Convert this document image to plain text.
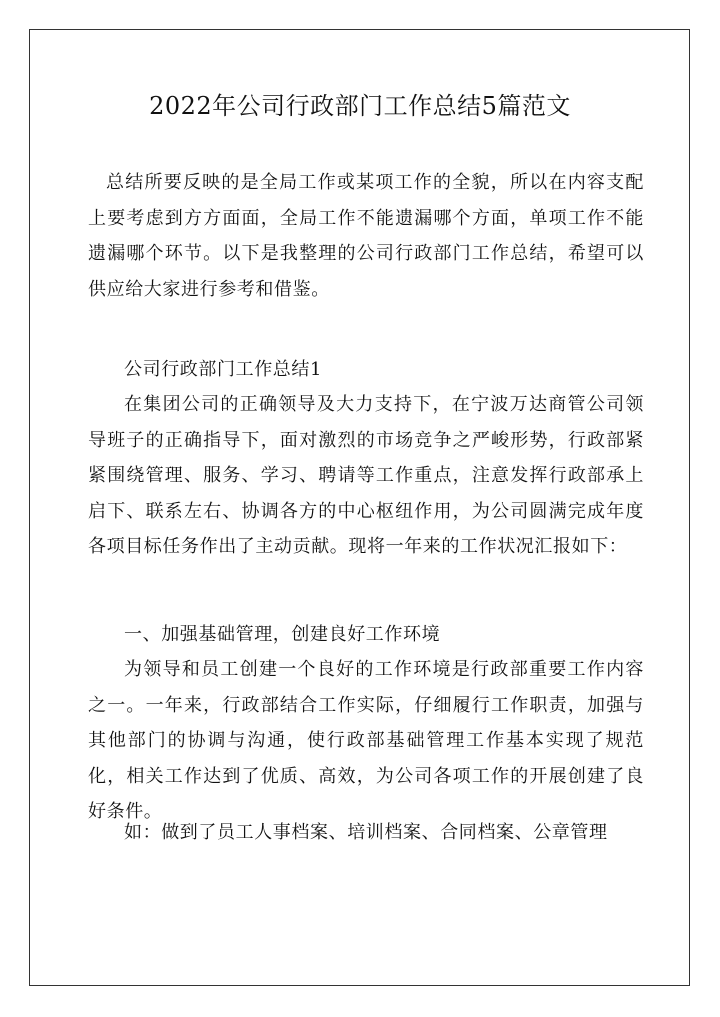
2022年公司行政部门工作总结5篇范文

总结所要反映的是全局工作或某项工作的全貌，所以在内容支配上要考虑到方方面面，全局工作不能遗漏哪个方面，单项工作不能遗漏哪个环节。以下是我整理的公司行政部门工作总结，希望可以供应给大家进行参考和借鉴。

公司行政部门工作总结1

在集团公司的正确领导及大力支持下，在宁波万达商管公司领导班子的正确指导下，面对激烈的市场竞争之严峻形势，行政部紧紧围绕管理、服务、学习、聘请等工作重点，注意发挥行政部承上启下、联系左右、协调各方的中心枢纽作用，为公司圆满完成年度各项目标任务作出了主动贡献。现将一年来的工作状况汇报如下：

一、加强基础管理，创建良好工作环境

为领导和员工创建一个良好的工作环境是行政部重要工作内容之一。一年来，行政部结合工作实际，仔细履行工作职责，加强与其他部门的协调与沟通，使行政部基础管理工作基本实现了规范化，相关工作达到了优质、高效，为公司各项工作的开展创建了良好条件。

如：做到了员工人事档案、培训档案、合同档案、公章管理
